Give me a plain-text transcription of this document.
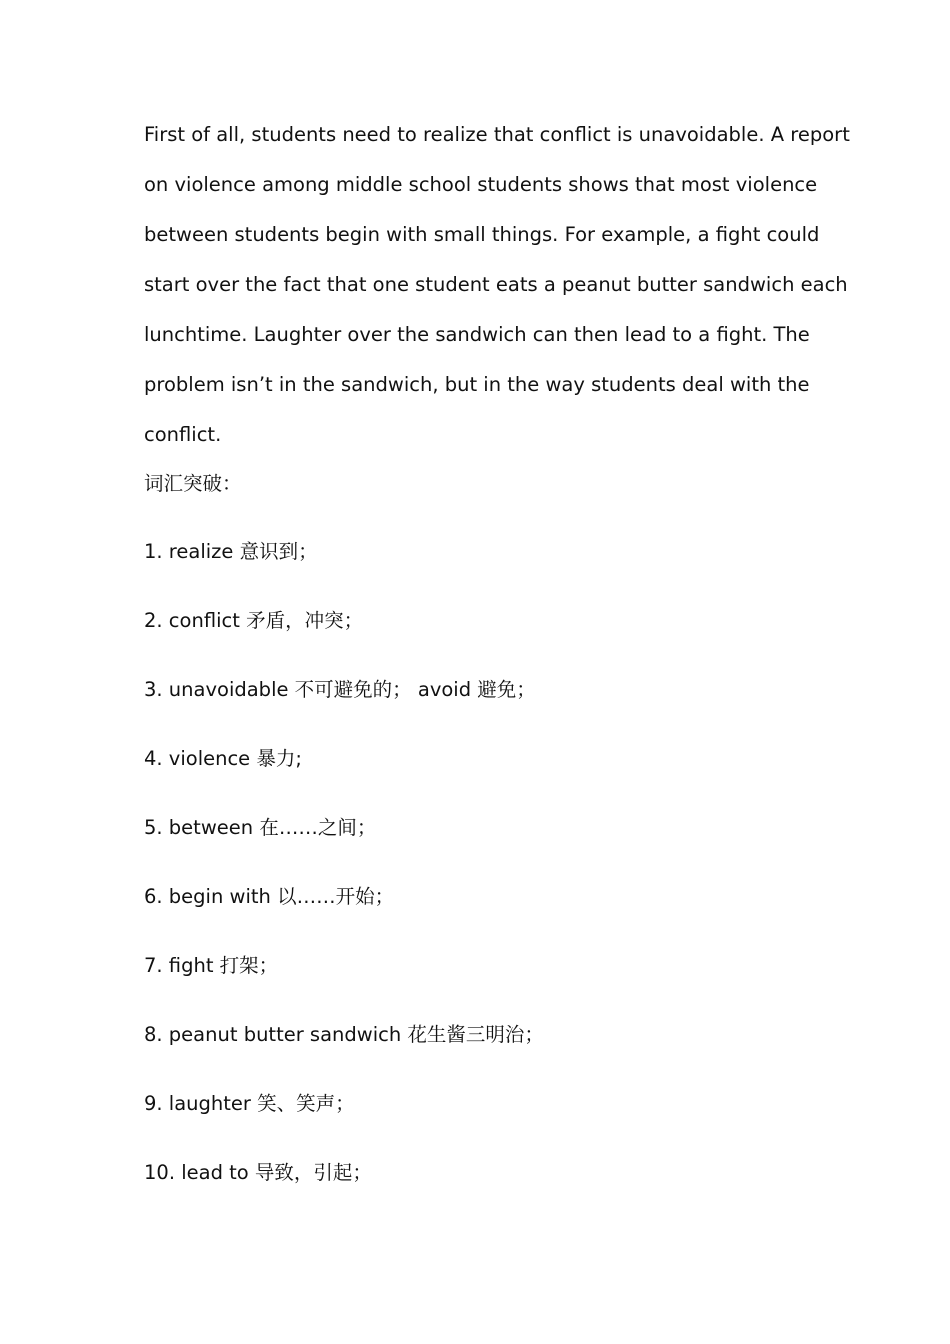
First of all, students need to realize that conflict is unavoidable. A report
on violence among middle school students shows that most violence
between students begin with small things. For example, a fight could
start over the fact that one student eats a peanut butter sandwich each
lunchtime. Laughter over the sandwich can then lead to a fight. The
problem isn’t in the sandwich, but in the way students deal with the
conflict.
词汇突破：
1. realize 意识到；
2. conflict 矛盾，冲突；
3. unavoidable 不可避免的； avoid 避免；
4. violence 暴力;
5. between 在……之间；
6. begin with 以……开始；
7. fight 打架；
8. peanut butter sandwich 花生酱三明治；
9. laughter 笑、笑声；
10. lead to 导致，引起；
